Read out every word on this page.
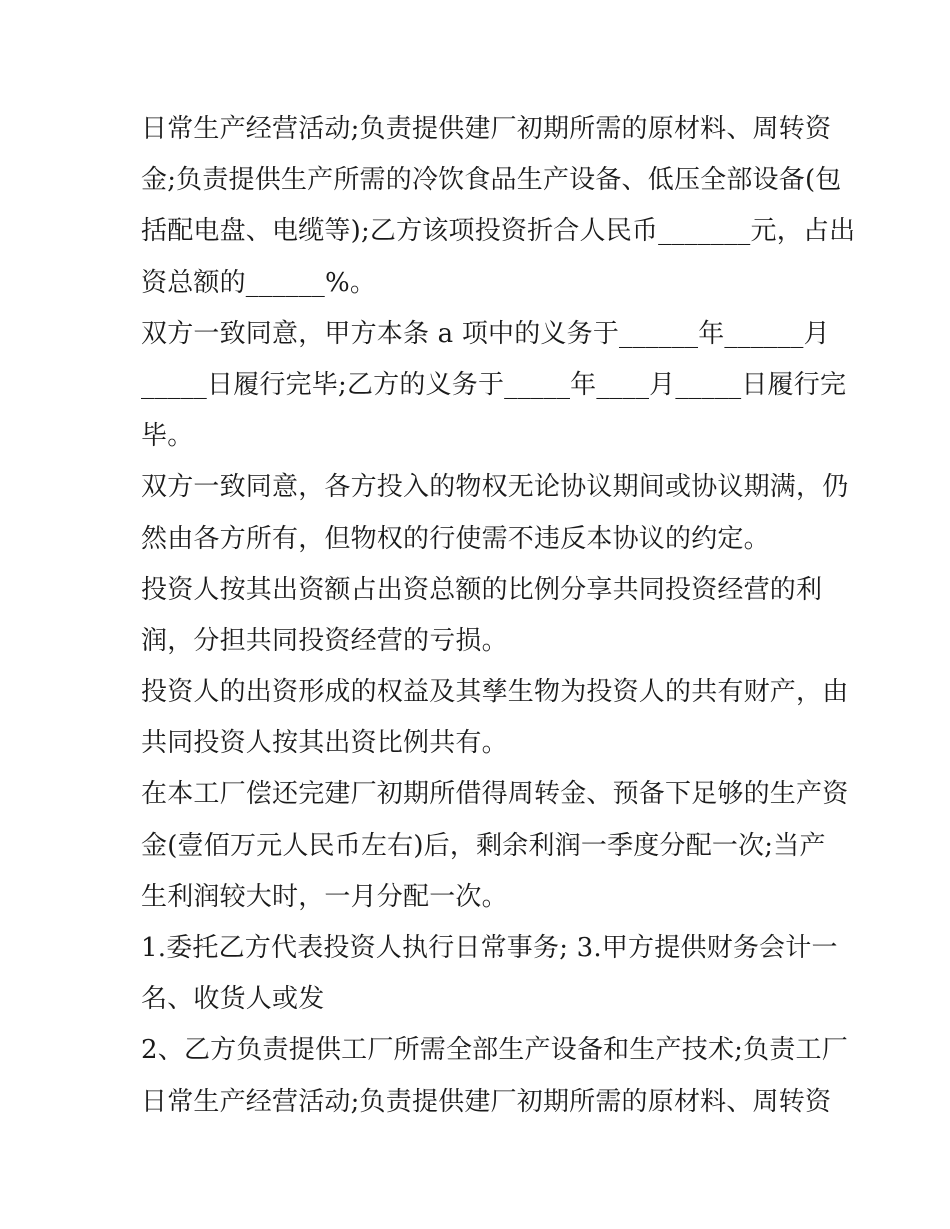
日常生产经营活动;负责提供建厂初期所需的原材料、周转资
金;负责提供生产所需的冷饮食品生产设备、低压全部设备(包
括配电盘、电缆等);乙方该项投资折合人民币_______元，占出
资总额的______%。
双方一致同意，甲方本条 a 项中的义务于______年______月
_____日履行完毕;乙方的义务于_____年____月_____日履行完
毕。
双方一致同意，各方投入的物权无论协议期间或协议期满，仍
然由各方所有，但物权的行使需不违反本协议的约定。
投资人按其出资额占出资总额的比例分享共同投资经营的利
润，分担共同投资经营的亏损。
投资人的出资形成的权益及其孳生物为投资人的共有财产，由
共同投资人按其出资比例共有。
在本工厂偿还完建厂初期所借得周转金、预备下足够的生产资
金(壹佰万元人民币左右)后，剩余利润一季度分配一次;当产
生利润较大时，一月分配一次。
1.委托乙方代表投资人执行日常事务; 3.甲方提供财务会计一
名、收货人或发
2、乙方负责提供工厂所需全部生产设备和生产技术;负责工厂
日常生产经营活动;负责提供建厂初期所需的原材料、周转资
